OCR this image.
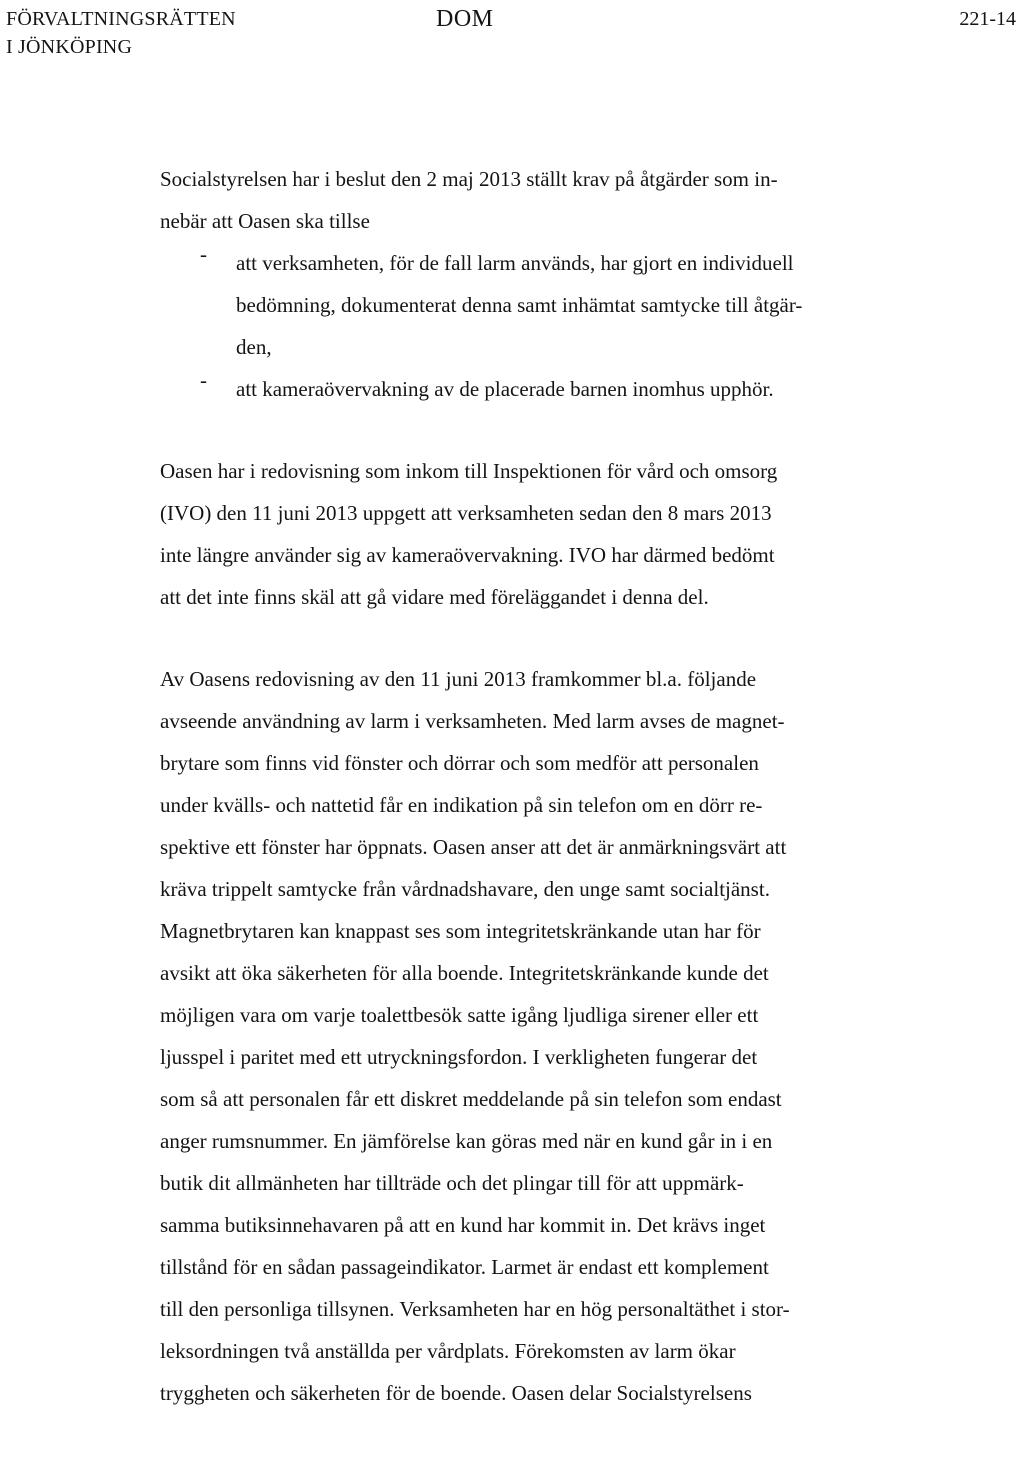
FÖRVALTNINGSRÄTTEN
I JÖNKÖPING
DOM	221-14
Socialstyrelsen har i beslut den 2 maj 2013 ställt krav på åtgärder som in-
nebär att Oasen ska tillse
- att verksamheten, för de fall larm används, har gjort en individuell
bedömning, dokumenterat denna samt inhämtat samtycke till åtgär-
den,
- att kameraövervakning av de placerade barnen inomhus upphör.
Oasen har i redovisning som inkom till Inspektionen för vård och omsorg
(IVO) den 11 juni 2013 uppgett att verksamheten sedan den 8 mars 2013
inte längre använder sig av kameraövervakning. IVO har därmed bedömt
att det inte finns skäl att gå vidare med föreläggandet i denna del.
Av Oasens redovisning av den 11 juni 2013 framkommer bl.a. följande
avseende användning av larm i verksamheten. Med larm avses de magnet-
brytare som finns vid fönster och dörrar och som medför att personalen
under kvälls- och nattetid får en indikation på sin telefon om en dörr re-
spektive ett fönster har öppnats. Oasen anser att det är anmärkningsvärt att
kräva trippelt samtycke från vårdnadshavare, den unge samt socialtjänst.
Magnetbrytaren kan knappast ses som integritetskränkande utan har för
avsikt att öka säkerheten för alla boende. Integritetskränkande kunde det
möjligen vara om varje toalettbesök satte igång ljudliga sirener eller ett
ljusspel i paritet med ett utryckningsfordon. I verkligheten fungerar det
som så att personalen får ett diskret meddelande på sin telefon som endast
anger rumsnummer. En jämförelse kan göras med när en kund går in i en
butik dit allmänheten har tillträde och det plingar till för att uppmärk-
samma butiksinnehavaren på att en kund har kommit in. Det krävs inget
tillstånd för en sådan passageindikator. Larmet är endast ett komplement
till den personliga tillsynen. Verksamheten har en hög personaltäthet i stor-
leksordningen två anställda per vårdplats. Förekomsten av larm ökar
tryggheten och säkerheten för de boende. Oasen delar Socialstyrelsens
